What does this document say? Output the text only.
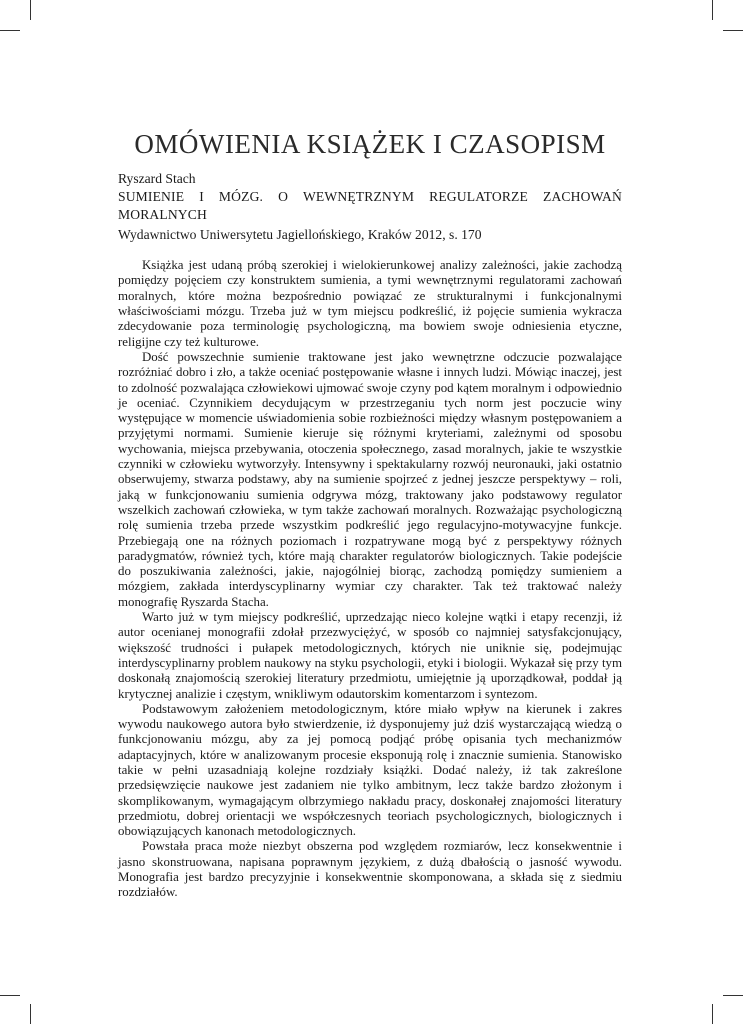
OMÓWIENIA KSIĄŻEK I CZASOPISM
Ryszard Stach
SUMIENIE I MÓZG. O WEWNĘTRZNYM REGULATORZE ZACHOWAŃ MORALNYCH
Wydawnictwo Uniwersytetu Jagiellońskiego, Kraków 2012, s. 170

Książka jest udaną próbą szerokiej i wielokierunkowej analizy zależności, jakie zachodzą pomiędzy pojęciem czy konstruktem sumienia, a tymi wewnętrznymi regulatorami zachowań moralnych, które można bezpośrednio powiązać ze strukturalnymi i funkcjonalnymi właściwościami mózgu. Trzeba już w tym miejscu podkreślić, iż pojęcie sumienia wykracza zdecydowanie poza terminologię psychologiczną, ma bowiem swoje odniesienia etyczne, religijne czy też kulturowe.

Dość powszechnie sumienie traktowane jest jako wewnętrzne odczucie pozwalające rozróżniać dobro i zło, a także oceniać postępowanie własne i innych ludzi. Mówiąc inaczej, jest to zdolność pozwalająca człowiekowi ujmować swoje czyny pod kątem moralnym i odpowiednio je oceniać. Czynnikiem decydującym w przestrzeganiu tych norm jest poczucie winy występujące w momencie uświadomienia sobie rozbieżności między własnym postępowaniem a przyjętymi normami. Sumienie kieruje się różnymi kryteriami, zależnymi od sposobu wychowania, miejsca przebywania, otoczenia społecznego, zasad moralnych, jakie te wszystkie czynniki w człowieku wytworzyły. Intensywny i spektakularny rozwój neuronauki, jaki ostatnio obserwujemy, stwarza podstawy, aby na sumienie spojrzeć z jednej jeszcze perspektywy – roli, jaką w funkcjonowaniu sumienia odgrywa mózg, traktowany jako podstawowy regulator wszelkich zachowań człowieka, w tym także zachowań moralnych. Rozważając psychologiczną rolę sumienia trzeba przede wszystkim podkreślić jego regulacyjno-motywacyjne funkcje. Przebiegają one na różnych poziomach i rozpatrywane mogą być z perspektywy różnych paradygmatów, również tych, które mają charakter regulatorów biologicznych. Takie podejście do poszukiwania zależności, jakie, najogólniej biorąc, zachodzą pomiędzy sumieniem a mózgiem, zakłada interdyscyplinarny wymiar czy charakter. Tak też traktować należy monografię Ryszarda Stacha.

Warto już w tym miejscy podkreślić, uprzedzając nieco kolejne wątki i etapy recenzji, iż autor ocenianej monografii zdołał przezwyciężyć, w sposób co najmniej satysfakcjonujący, większość trudności i pułapek metodologicznych, których nie uniknie się, podejmując interdyscyplinarny problem naukowy na styku psychologii, etyki i biologii. Wykazał się przy tym doskonałą znajomością szerokiej literatury przedmiotu, umiejętnie ją uporządkował, poddał ją krytycznej analizie i częstym, wnikliwym odautorskim komentarzom i syntezom.

Podstawowym założeniem metodologicznym, które miało wpływ na kierunek i zakres wywodu naukowego autora było stwierdzenie, iż dysponujemy już dziś wystarczającą wiedzą o funkcjonowaniu mózgu, aby za jej pomocą podjąć próbę opisania tych mechanizmów adaptacyjnych, które w analizowanym procesie eksponują rolę i znacznie sumienia. Stanowisko takie w pełni uzasadniają kolejne rozdziały książki. Dodać należy, iż tak zakreślone przedsięwzięcie naukowe jest zadaniem nie tylko ambitnym, lecz także bardzo złożonym i skomplikowanym, wymagającym olbrzymiego nakładu pracy, doskonałej znajomości literatury przedmiotu, dobrej orientacji we współczesnych teoriach psychologicznych, biologicznych i obowiązujących kanonach metodologicznych.

Powstała praca może niezbyt obszerna pod względem rozmiarów, lecz konsekwentnie i jasno skonstruowana, napisana poprawnym językiem, z dużą dbałością o jasność wywodu. Monografia jest bardzo precyzyjnie i konsekwentnie skomponowana, a składa się z siedmiu rozdziałów.
